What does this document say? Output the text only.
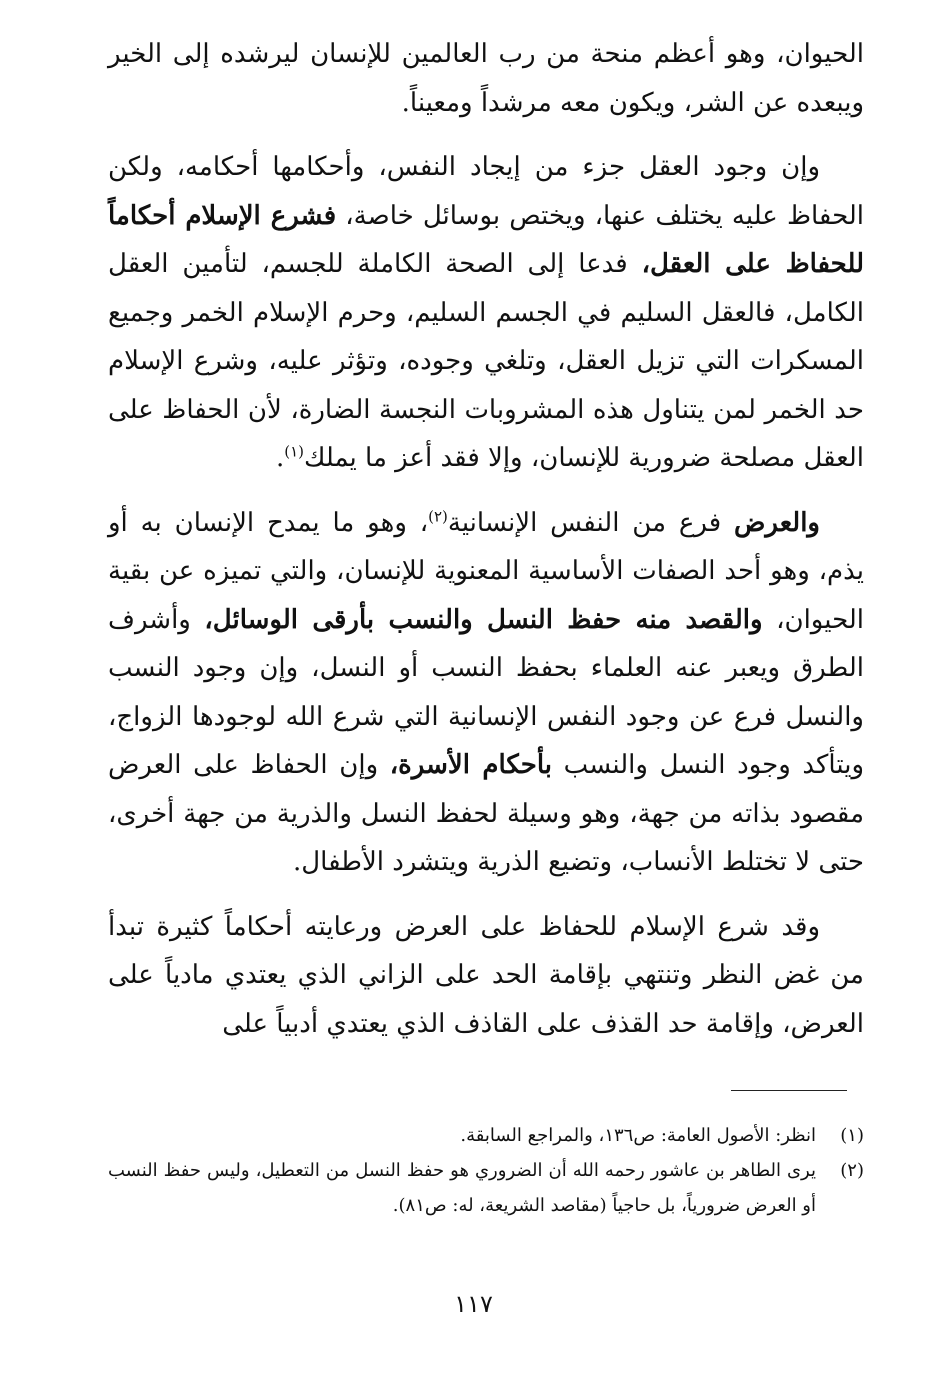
الحيوان، وهو أعظم منحة من رب العالمين للإنسان ليرشده إلى الخير ويبعده عن الشر، ويكون معه مرشداً ومعيناً.

وإن وجود العقل جزء من إيجاد النفس، وأحكامها أحكامه، ولكن الحفاظ عليه يختلف عنها، ويختص بوسائل خاصة، فشرع الإسلام أحكاماً للحفاظ على العقل، فدعا إلى الصحة الكاملة للجسم، لتأمين العقل الكامل، فالعقل السليم في الجسم السليم، وحرم الإسلام الخمر وجميع المسكرات التي تزيل العقل، وتلغي وجوده، وتؤثر عليه، وشرع الإسلام حد الخمر لمن يتناول هذه المشروبات النجسة الضارة، لأن الحفاظ على العقل مصلحة ضرورية للإنسان، وإلا فقد أعز ما يملك$^{(١)}$.

والعرض فرع من النفس الإنسانية$^{(٢)}$، وهو ما يمدح الإنسان به أو يذم، وهو أحد الصفات الأساسية المعنوية للإنسان، والتي تميزه عن بقية الحيوان، والقصد منه حفظ النسل والنسب بأرقى الوسائل، وأشرف الطرق ويعبر عنه العلماء بحفظ النسب أو النسل، وإن وجود النسب والنسل فرع عن وجود النفس الإنسانية التي شرع الله لوجودها الزواج، ويتأكد وجود النسل والنسب بأحكام الأسرة، وإن الحفاظ على العرض مقصود بذاته من جهة، وهو وسيلة لحفظ النسل والذرية من جهة أخرى، حتى لا تختلط الأنساب، وتضيع الذرية ويتشرد الأطفال.

وقد شرع الإسلام للحفاظ على العرض ورعايته أحكاماً كثيرة تبدأ من غض النظر وتنتهي بإقامة الحد على الزاني الذي يعتدي مادياً على العرض، وإقامة حد القذف على القاذف الذي يعتدي أدبياً على

(١)
انظر: الأصول العامة: ص١٣٦، والمراجع السابقة.
(٢)
يرى الطاهر بن عاشور رحمه الله أن الضروري هو حفظ النسل من التعطيل، وليس حفظ النسب أو العرض ضرورياً، بل حاجياً (مقاصد الشريعة، له: ص٨١).
١١٧
